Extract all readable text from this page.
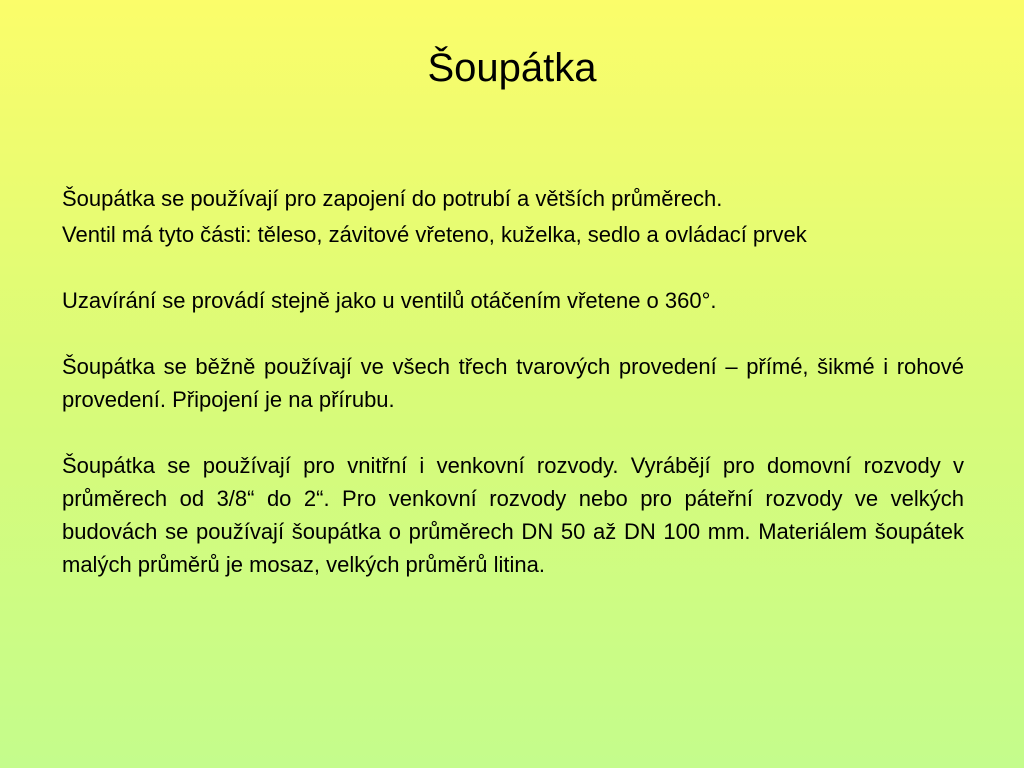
Šoupátka

Šoupátka se používají pro zapojení do potrubí a větších průměrech.

Ventil má tyto části: těleso, závitové vřeteno, kuželka, sedlo a ovládací prvek

Uzavírání se provádí stejně jako u ventilů otáčením vřetene o 360°.

Šoupátka se běžně používají ve všech třech tvarových provedení – přímé, šikmé i rohové provedení. Připojení je na přírubu.

Šoupátka se používají pro vnitřní i venkovní rozvody. Vyrábějí pro domovní rozvody v průměrech od 3/8“ do 2“. Pro venkovní rozvody nebo pro páteřní rozvody ve velkých budovách se používají šoupátka o průměrech DN 50 až DN 100 mm. Materiálem šoupátek malých průměrů je mosaz, velkých průměrů litina.
